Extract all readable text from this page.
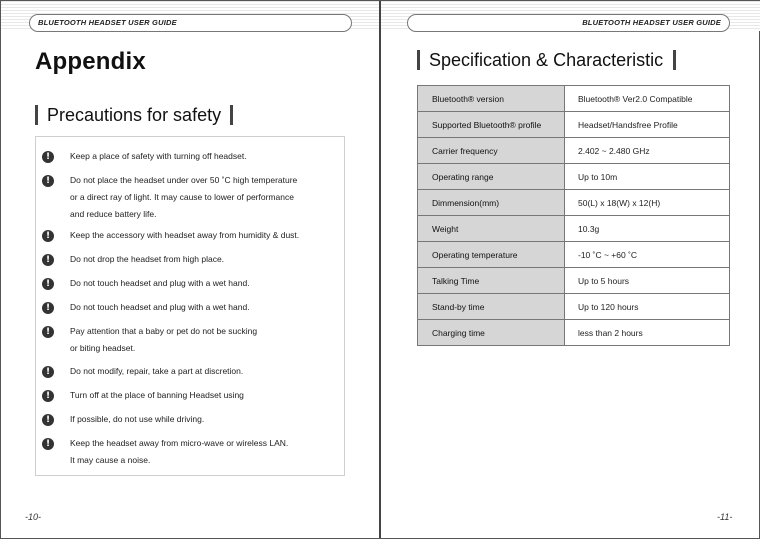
BLUETOOTH HEADSET USER GUIDE
Appendix
Precautions for safety
!	Keep a place of safety with turning off headset.
!	Do not place the headset under over 50 ˚C high temperature
or a direct ray of light. It may cause to lower of performance
and reduce battery life.
!	Keep the accessory with headset away from humidity & dust.
!	Do not drop the headset from high place.
!	Do not touch headset and plug with a wet hand.
!	Do not touch headset and plug with a wet hand.
!	Pay attention that a baby or pet do not be sucking
or biting headset.
!	Do not modify, repair, take a part at discretion.
!	Turn off at the place of banning Headset using
!	If possible, do not use while driving.
!	Keep the headset away from micro-wave or wireless LAN.
It may cause a noise.
-10-
BLUETOOTH HEADSET USER GUIDE
Specification & Characteristic
Bluetooth® version	Bluetooth® Ver2.0 Compatible
Supported Bluetooth® profile	Headset/Handsfree Profile
Carrier frequency	2.402 ~ 2.480 GHz
Operating range	Up to 10m
Dimmension(mm)	50(L) x 18(W) x 12(H)
Weight	10.3g
Operating temperature	-10 ˚C ~ +60 ˚C
Talking Time	Up to 5 hours
Stand-by time	Up to 120 hours
Charging time	less than 2 hours
-11-
